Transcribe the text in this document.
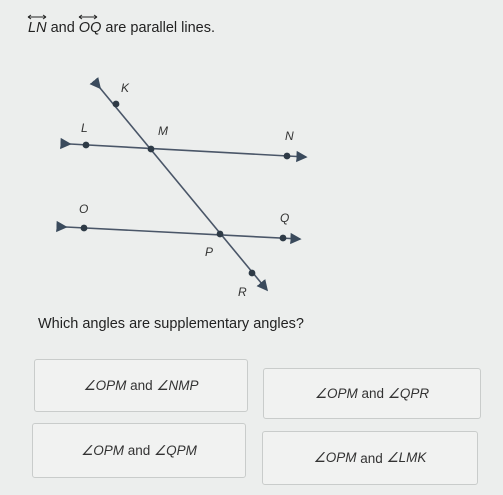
LN and
OQ are parallel lines.
K
L	M	N
O
Q
P
R
Which angles are supplementary angles?
∠OPM and ∠NMP
∠OPM and ∠QPR
∠OPM and ∠QPM	∠OPM and ∠LMK
